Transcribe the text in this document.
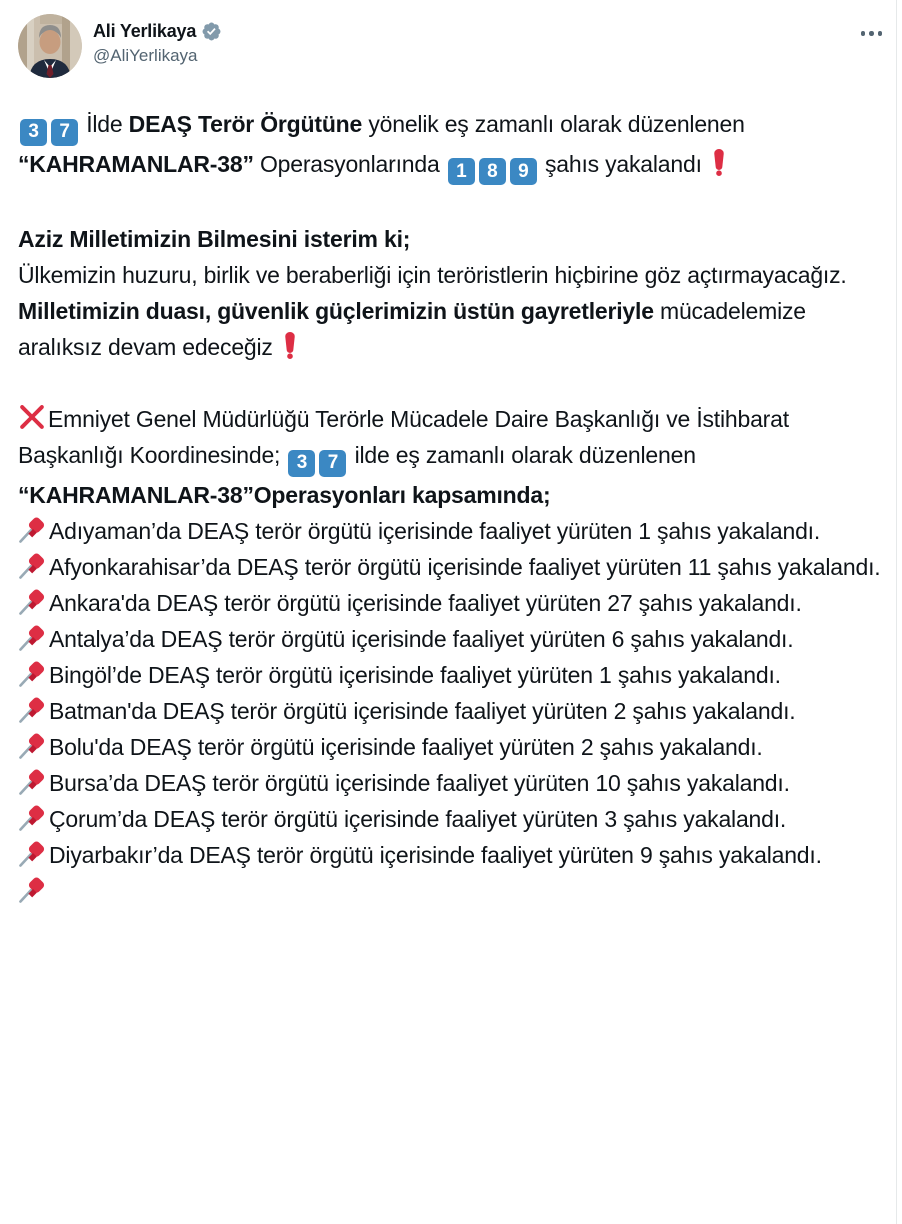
Ali Yerlikaya
@AliYerlikaya
3 7 İlde DEAŞ Terör Örgütüne yönelik eş zamanlı olarak düzenlenen “KAHRAMANLAR-38” Operasyonlarında 1 8 9 şahıs yakalandı
Aziz Milletimizin Bilmesini isterim ki;
Ülkemizin huzuru, birlik ve beraberliği için teröristlerin hiçbirine göz açtırmayacağız. Milletimizin duası, güvenlik güçlerimizin üstün gayretleriyle mücadelemize aralıksız devam edeceğiz
Emniyet Genel Müdürlüğü Terörle Mücadele Daire Başkanlığı ve İstihbarat Başkanlığı Koordinesinde; 3 7 ilde eş zamanlı olarak düzenlenen “KAHRAMANLAR-38”Operasyonları kapsamında;
Adıyaman’da DEAŞ terör örgütü içerisinde faaliyet yürüten 1 şahıs yakalandı.
Afyonkarahisar’da DEAŞ terör örgütü içerisinde faaliyet yürüten 11 şahıs yakalandı.
Ankara'da DEAŞ terör örgütü içerisinde faaliyet yürüten 27 şahıs yakalandı.
Antalya’da DEAŞ terör örgütü içerisinde faaliyet yürüten 6 şahıs yakalandı.
Bingöl’de DEAŞ terör örgütü içerisinde faaliyet yürüten 1 şahıs yakalandı.
Batman'da DEAŞ terör örgütü içerisinde faaliyet yürüten 2 şahıs yakalandı.
Bolu'da DEAŞ terör örgütü içerisinde faaliyet yürüten 2 şahıs yakalandı.
Bursa’da DEAŞ terör örgütü içerisinde faaliyet yürüten 10 şahıs yakalandı.
Çorum’da DEAŞ terör örgütü içerisinde faaliyet yürüten 3 şahıs yakalandı.
Diyarbakır’da DEAŞ terör örgütü içerisinde faaliyet yürüten 9 şahıs yakalandı.
